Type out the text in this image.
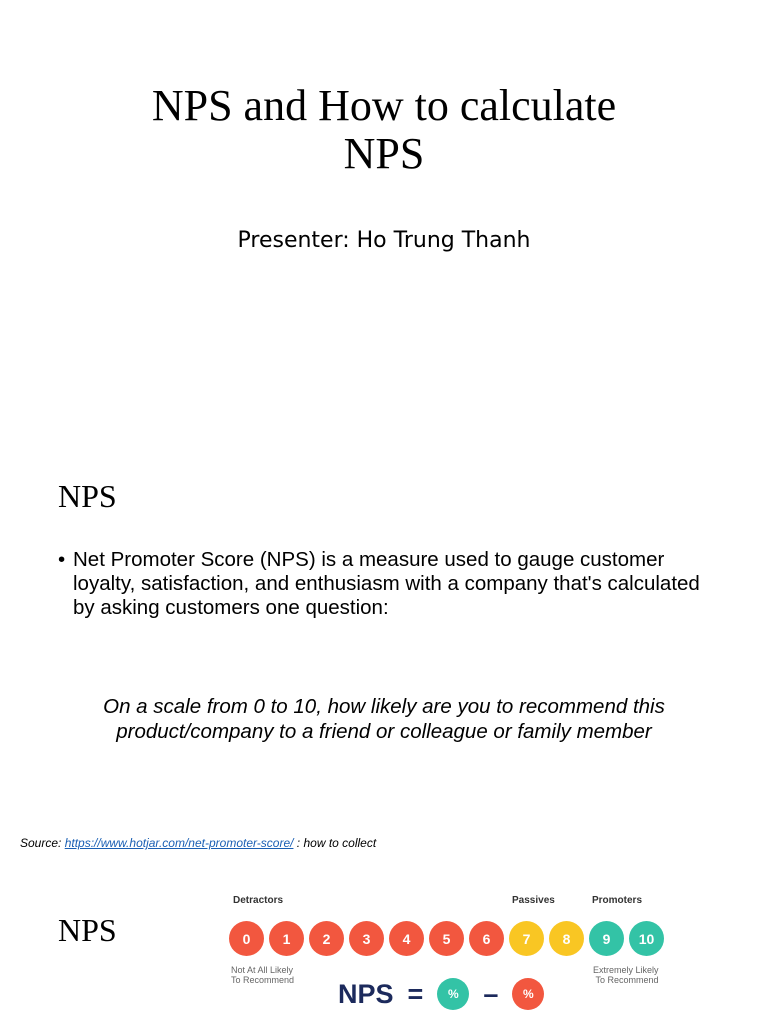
NPS and How to calculate
NPS
Presenter: Ho Trung Thanh
NPS
• Net Promoter Score (NPS) is a measure used to gauge customer loyalty, satisfaction, and enthusiasm with a company that's calculated by asking customers one question:
On a scale from 0 to 10, how likely are you to recommend this product/company to a friend or colleague or family member
Source: https://www.hotjar.com/net-promoter-score/ : how to collect
NPS
Detractors	Passives	Promoters
0	1	2	3	4	5	6	7	8	9	10
Not At All Likely
To Recommend
Extremely Likely
To Recommend
NPS =	% –	%
